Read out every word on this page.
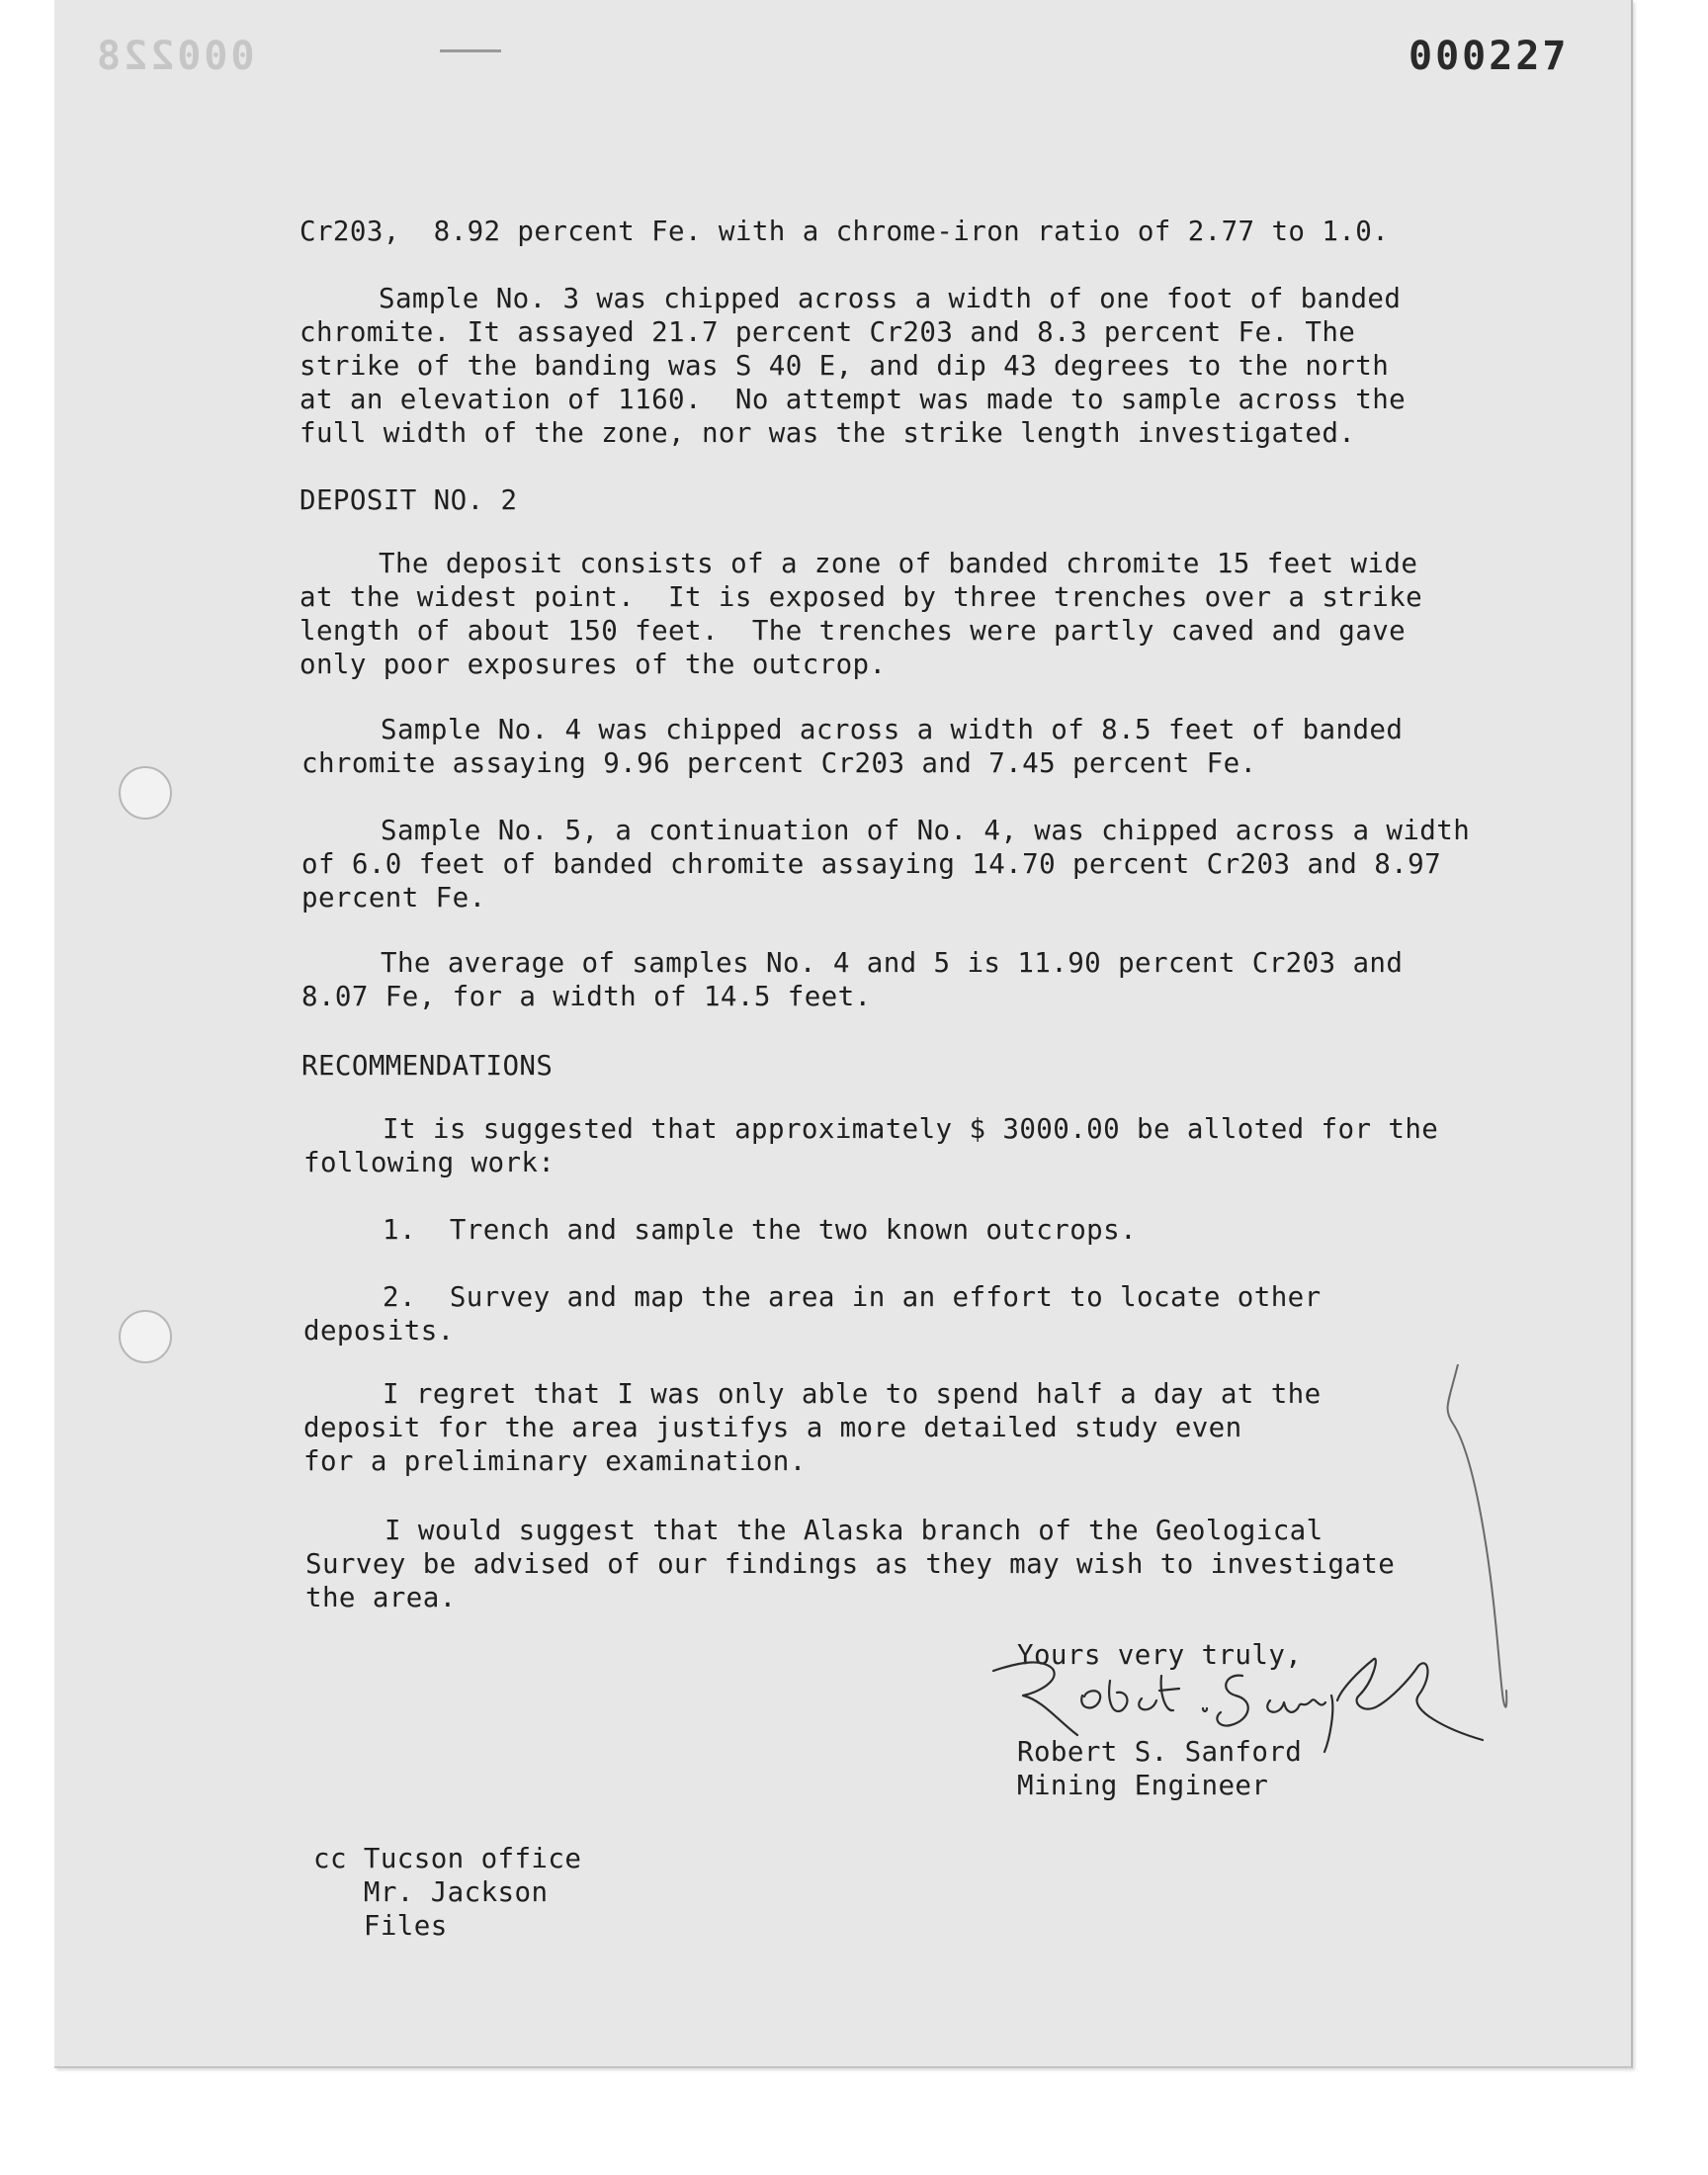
000228	000227

Cr203,  8.92 percent Fe. with a chrome-iron ratio of 2.77 to 1.0.

Sample No. 3 was chipped across a width of one foot of banded
chromite. It assayed 21.7 percent Cr203 and 8.3 percent Fe. The
strike of the banding was S 40 E, and dip 43 degrees to the north
at an elevation of 1160.  No attempt was made to sample across the
full width of the zone, nor was the strike length investigated.

DEPOSIT NO. 2

The deposit consists of a zone of banded chromite 15 feet wide
at the widest point.  It is exposed by three trenches over a strike
length of about 150 feet.  The trenches were partly caved and gave
only poor exposures of the outcrop.

Sample No. 4 was chipped across a width of 8.5 feet of banded
chromite assaying 9.96 percent Cr203 and 7.45 percent Fe.

Sample No. 5, a continuation of No. 4, was chipped across a width
of 6.0 feet of banded chromite assaying 14.70 percent Cr203 and 8.97
percent Fe.

The average of samples No. 4 and 5 is 11.90 percent Cr203 and
8.07 Fe, for a width of 14.5 feet.

RECOMMENDATIONS

It is suggested that approximately $ 3000.00 be alloted for the
following work:

1.  Trench and sample the two known outcrops.

2.  Survey and map the area in an effort to locate other
deposits.

I regret that I was only able to spend half a day at the
deposit for the area justifys a more detailed study even
for a preliminary examination.

I would suggest that the Alaska branch of the Geological
Survey be advised of our findings as they may wish to investigate
the area.

Yours very truly,

Robert S. Sanford

Mining Engineer

cc Tucson office

Mr. Jackson

Files
